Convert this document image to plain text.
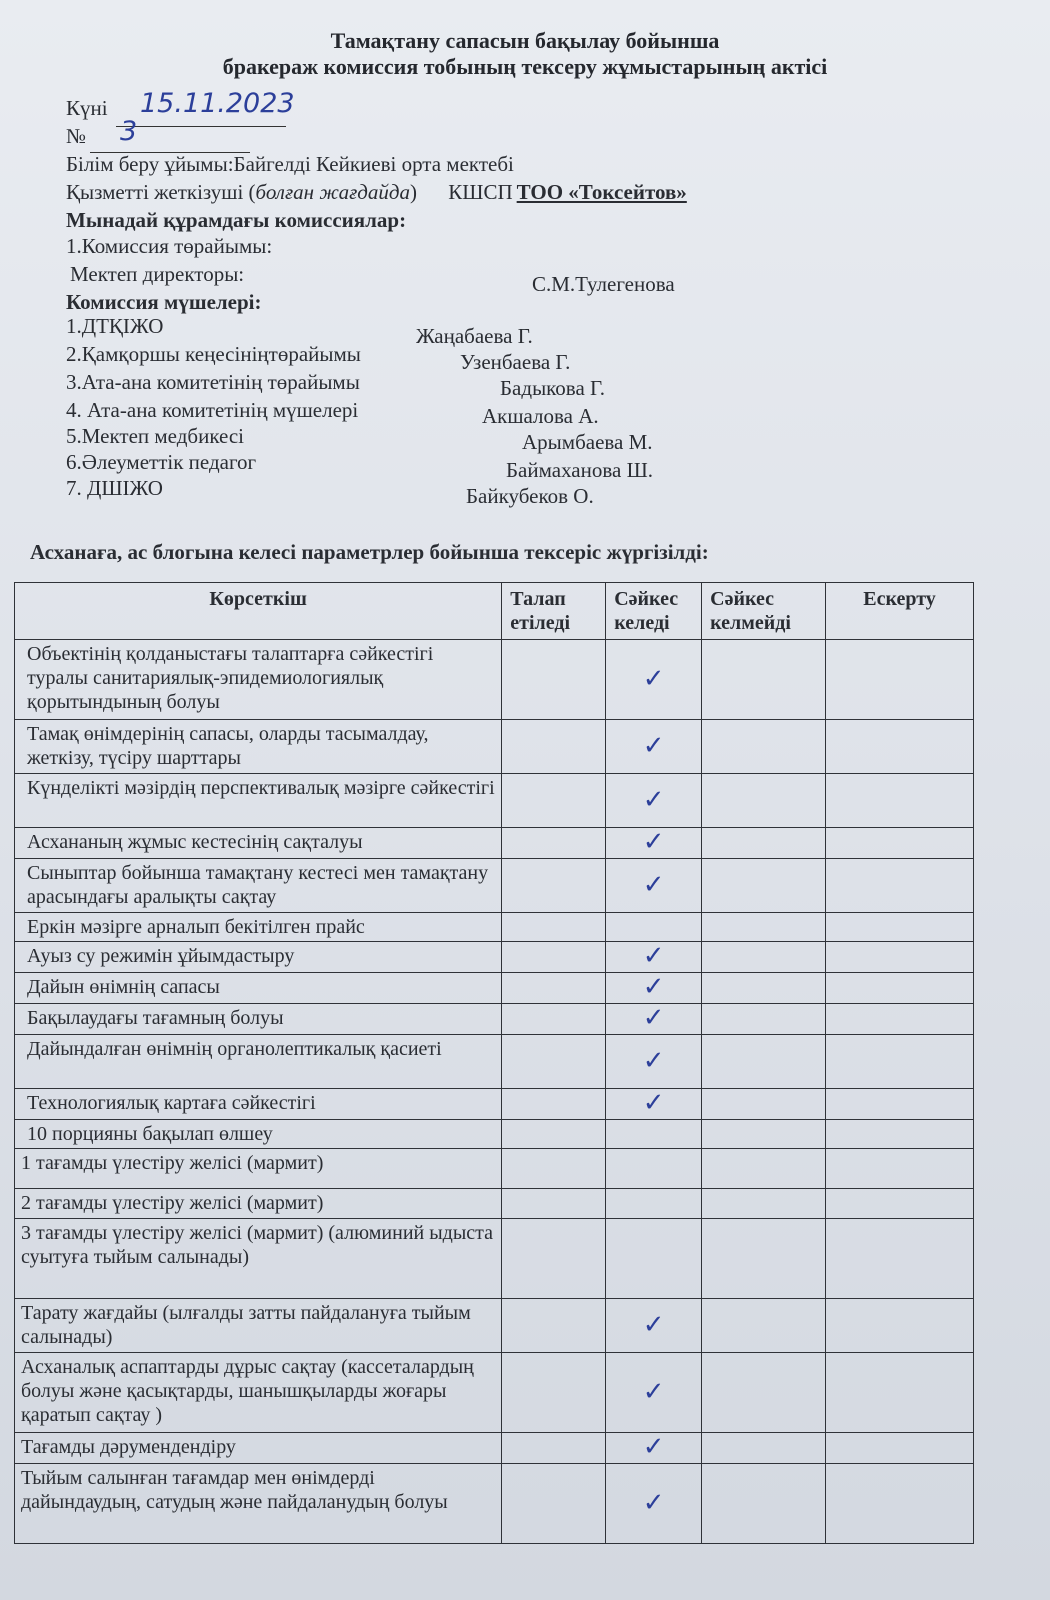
Тамақтану сапасын бақылау бойынша
бракераж комиссия тобының тексеру жұмыстарының актісі
Күні 15.11.2023
№ 3
Білім беру ұйымы:Байгелді Кейкиеві орта мектебі
Қызметті жеткізуші (болған жағдайда) КШСП ТОО «Токсейтов»
Мынадай құрамдағы комиссиялар:
1.Комиссия төрайымы:
Мектеп директоры:	С.М.Тулегенова
Комиссия мүшелері:
1.ДТҚІЖО	Жаңабаева Г.
2.Қамқоршы кеңесініңтөрайымы	Узенбаева Г.
3.Ата-ана комитетінің төрайымы	Бадыкова Г.
4. Ата-ана комитетінің мүшелері	Акшалова А.
5.Мектеп медбикесі	Арымбаева М.
6.Әлеуметтік педагог	Баймаханова Ш.
7. ДШІЖО	Байкубеков О.
Асханаға, ас блогына келесі параметрлер бойынша тексеріс жүргізілді:
Көрсеткіш	Талап етіледі	Сәйкес келеді	Сәйкес келмейді	Ескерту
Объектінің қолданыстағы талаптарға сәйкестігі туралы санитариялық-эпидемиологиялық қорытындының болуы		✓		
Тамақ өнімдерінің сапасы, оларды тасымалдау, жеткізу, түсіру шарттары		✓		
Күнделікті мәзірдің перспективалық мәзірге сәйкестігі		✓		
Асхананың жұмыс кестесінің сақталуы		✓		
Сыныптар бойынша тамақтану кестесі мен тамақтану арасындағы аралықты сақтау		✓		
Еркін мәзірге арналып бекітілген прайс				
Ауыз су режимін ұйымдастыру		✓		
Дайын өнімнің сапасы		✓		
Бақылаудағы тағамның болуы		✓		
Дайындалған өнімнің органолептикалық қасиеті		✓		
Технологиялық картаға сәйкестігі		✓		
10 порцияны бақылап өлшеу				
1 тағамды үлестіру желісі (мармит)				
2 тағамды үлестіру желісі (мармит)				
3 тағамды үлестіру желісі (мармит) (алюминий ыдыста суытуға тыйым салынады)				
Тарату жағдайы (ылғалды затты пайдалануға тыйым салынады)		✓		
Асханалық аспаптарды дұрыс сақтау (кассеталардың болуы және қасықтарды, шанышқыларды жоғары қаратып сақтау )		✓		
Тағамды дәрумендендіру		✓		
Тыйым салынған тағамдар мен өнімдерді дайындаудың, сатудың және пайдаланудың болуы		✓		
